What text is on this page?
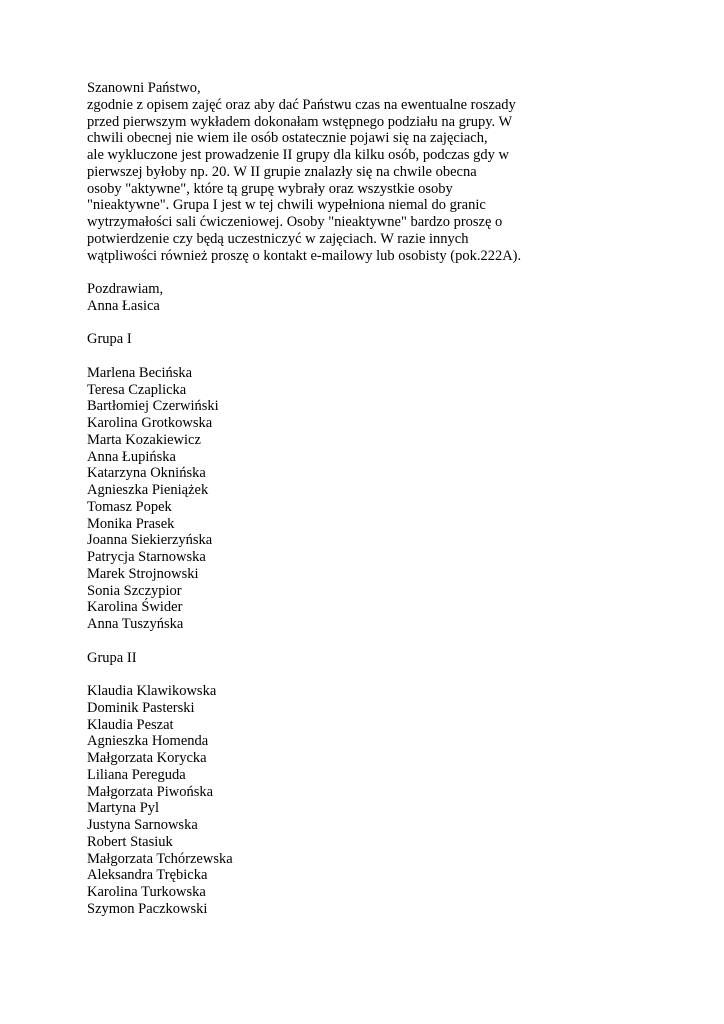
Szanowni Państwo,
zgodnie z opisem zajęć oraz aby dać Państwu czas na ewentualne roszady
przed pierwszym wykładem dokonałam wstępnego podziału na grupy. W
chwili obecnej nie wiem ile osób ostatecznie pojawi się na zajęciach,
ale wykluczone jest prowadzenie II grupy dla kilku osób, podczas gdy w
pierwszej byłoby np. 20. W II grupie znalazły się na chwile obecna
osoby "aktywne", które tą grupę wybrały oraz wszystkie osoby
"nieaktywne". Grupa I jest w tej chwili wypełniona niemal do granic
wytrzymałości sali ćwiczeniowej. Osoby "nieaktywne" bardzo proszę o
potwierdzenie czy będą uczestniczyć w zajęciach. W razie innych
wątpliwości również proszę o kontakt e-mailowy lub osobisty (pok.222A).
Pozdrawiam,
Anna Łasica
Grupa I
Marlena Becińska
Teresa Czaplicka
Bartłomiej Czerwiński
Karolina Grotkowska
Marta Kozakiewicz
Anna Łupińska
Katarzyna Oknińska
Agnieszka Pieniążek
Tomasz Popek
Monika Prasek
Joanna Siekierzyńska
Patrycja Starnowska
Marek Strojnowski
Sonia Szczypior
Karolina Świder
Anna Tuszyńska
Grupa II
Klaudia Klawikowska
Dominik Pasterski
Klaudia Peszat
Agnieszka Homenda
Małgorzata Korycka
Liliana Pereguda
Małgorzata Piwońska
Martyna Pyl
Justyna Sarnowska
Robert Stasiuk
Małgorzata Tchórzewska
Aleksandra Trębicka
Karolina Turkowska
Szymon Paczkowski
